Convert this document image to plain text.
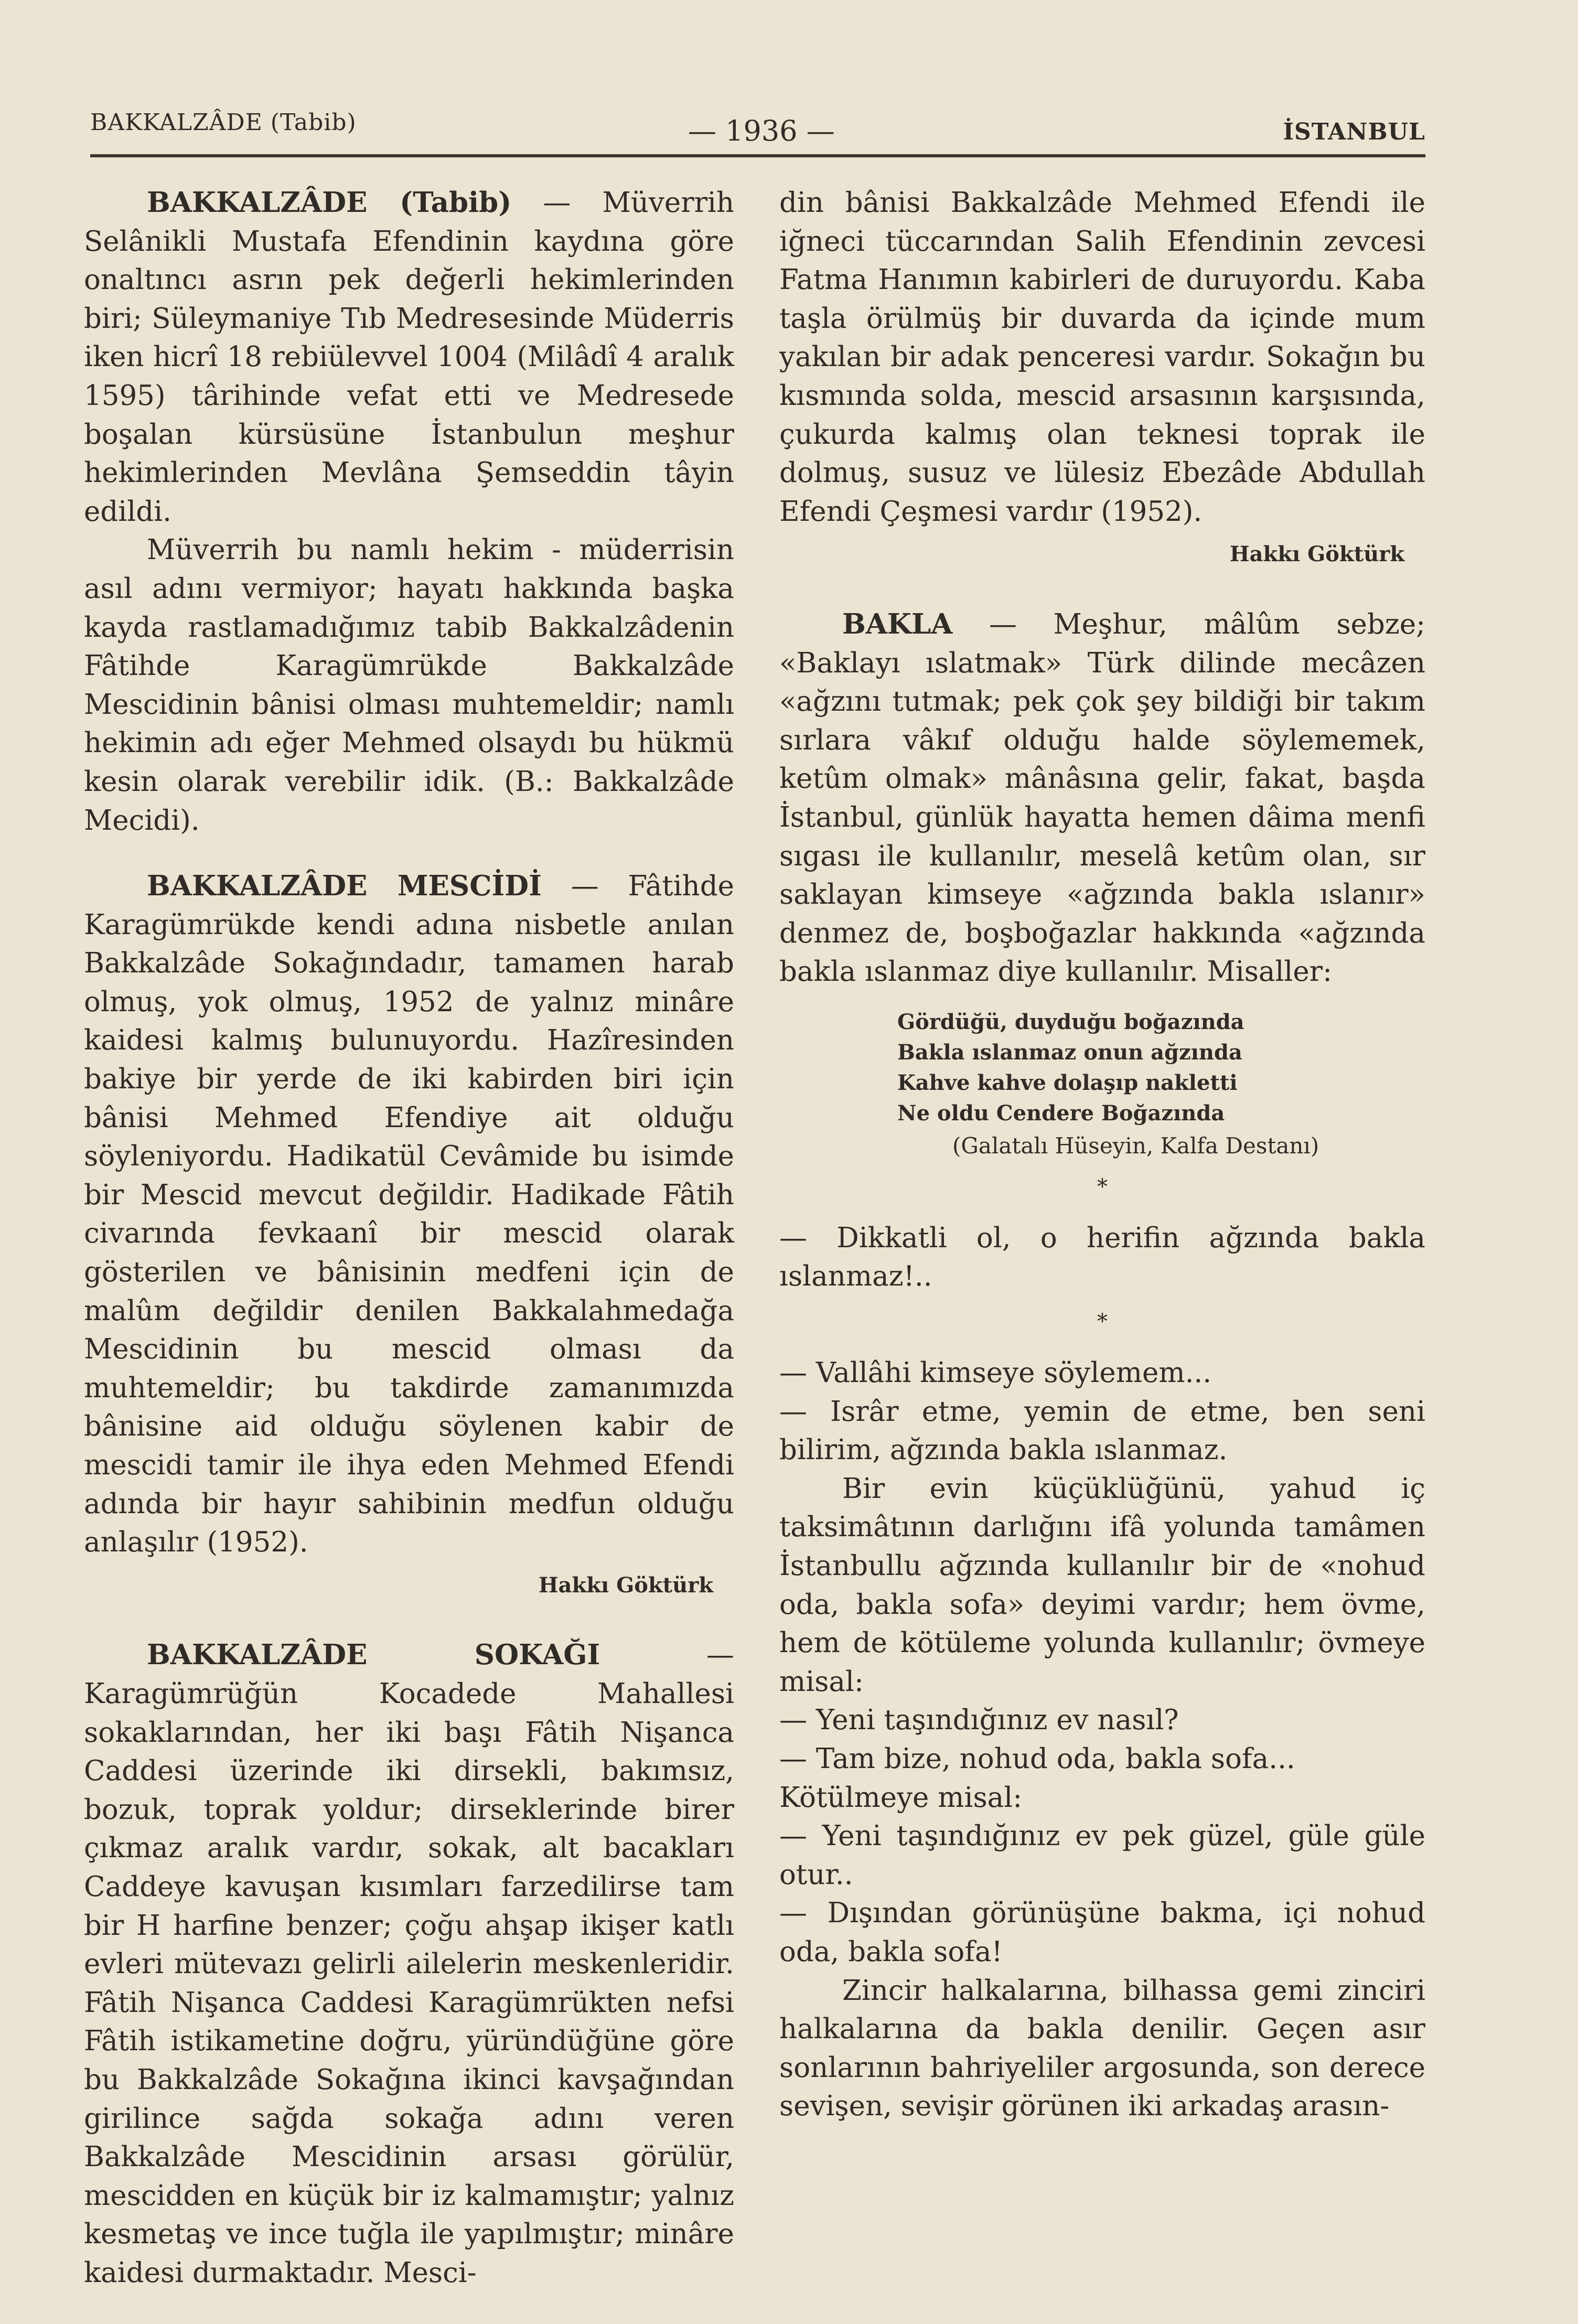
BAKKALZÂDE (Tabib)	— 1936 —	İSTANBUL

BAKKALZÂDE (Tabib) — Müverrih Selânikli Mustafa Efendinin kaydına göre onaltıncı asrın pek değerli hekimlerinden biri; Süleymaniye Tıb Medresesinde Müderris iken hicrî 18 rebiülevvel 1004 (Milâdî 4 aralık 1595) târihinde vefat etti ve Medresede boşalan kürsüsüne İstanbulun meşhur hekimlerinden Mevlâna Şemseddin tâyin edildi.

Müverrih bu namlı hekim - müderrisin asıl adını vermiyor; hayatı hakkında başka kayda rastlamadığımız tabib Bakkalzâdenin Fâtihde Karagümrükde Bakkalzâde Mescidinin bânisi olması muhtemeldir; namlı hekimin adı eğer Mehmed olsaydı bu hükmü kesin olarak verebilir idik. (B.: Bakkalzâde Mecidi).

BAKKALZÂDE MESCİDİ — Fâtihde Karagümrükde kendi adına nisbetle anılan Bakkalzâde Sokağındadır, tamamen harab olmuş, yok olmuş, 1952 de yalnız minâre kaidesi kalmış bulunuyordu. Hazîresinden bakiye bir yerde de iki kabirden biri için bânisi Mehmed Efendiye ait olduğu söyleniyordu. Hadikatül Cevâmide bu isimde bir Mescid mevcut değildir. Hadikade Fâtih civarında fevkaanî bir mescid olarak gösterilen ve bânisinin medfeni için de malûm değildir denilen Bakkalahmedağa Mescidinin bu mescid olması da muhtemeldir; bu takdirde zamanımızda bânisine aid olduğu söylenen kabir de mescidi tamir ile ihya eden Mehmed Efendi adında bir hayır sahibinin medfun olduğu anlaşılır (1952).

Hakkı Göktürk

BAKKALZÂDE SOKAĞI — Karagümrüğün Kocadede Mahallesi sokaklarından, her iki başı Fâtih Nişanca Caddesi üzerinde iki dirsekli, bakımsız, bozuk, toprak yoldur; dirseklerinde birer çıkmaz aralık vardır, sokak, alt bacakları Caddeye kavuşan kısımları farzedilirse tam bir H harfine benzer; çoğu ahşap ikişer katlı evleri mütevazı gelirli ailelerin meskenleridir. Fâtih Nişanca Caddesi Karagümrükten nefsi Fâtih istikametine doğru, yüründüğüne göre bu Bakkalzâde Sokağına ikinci kavşağından girilince sağda sokağa adını veren Bakkalzâde Mescidinin arsası görülür, mescidden en küçük bir iz kalmamıştır; yalnız kesmetaş ve ince tuğla ile yapılmıştır; minâre kaidesi durmaktadır. Mesci-

din bânisi Bakkalzâde Mehmed Efendi ile iğneci tüccarından Salih Efendinin zevcesi Fatma Hanımın kabirleri de duruyordu. Kaba taşla örülmüş bir duvarda da içinde mum yakılan bir adak penceresi vardır. Sokağın bu kısmında solda, mescid arsasının karşısında, çukurda kalmış olan teknesi toprak ile dolmuş, susuz ve lülesiz Ebezâde Abdullah Efendi Çeşmesi vardır (1952).

Hakkı Göktürk

BAKLA — Meşhur, mâlûm sebze; «Baklayı ıslatmak» Türk dilinde mecâzen «ağzını tutmak; pek çok şey bildiği bir takım sırlara vâkıf olduğu halde söylememek, ketûm olmak» mânâsına gelir, fakat, başda İstanbul, günlük hayatta hemen dâima menfi sıgası ile kullanılır, meselâ ketûm olan, sır saklayan kimseye «ağzında bakla ıslanır» denmez de, boşboğazlar hakkında «ağzında bakla ıslanmaz diye kullanılır. Misaller:

Gördüğü, duyduğu boğazında
Bakla ıslanmaz onun ağzında
Kahve kahve dolaşıp nakletti
Ne oldu Cendere Boğazında
(Galatalı Hüseyin, Kalfa Destanı)
*

— Dikkatli ol, o herifin ağzında bakla ıslanmaz!..

*

— Vallâhi kimseye söylemem...

— Isrâr etme, yemin de etme, ben seni bilirim, ağzında bakla ıslanmaz.

Bir evin küçüklüğünü, yahud iç taksimâtının darlığını ifâ yolunda tamâmen İstanbullu ağzında kullanılır bir de «nohud oda, bakla sofa» deyimi vardır; hem övme, hem de kötüleme yolunda kullanılır; övmeye misal:

— Yeni taşındığınız ev nasıl?

— Tam bize, nohud oda, bakla sofa...

Kötülmeye misal:

— Yeni taşındığınız ev pek güzel, güle güle otur..

— Dışından görünüşüne bakma, içi nohud oda, bakla sofa!

Zincir halkalarına, bilhassa gemi zinciri halkalarına da bakla denilir. Geçen asır sonlarının bahriyeliler argosunda, son derece sevişen, sevişir görünen iki arkadaş arasın-
